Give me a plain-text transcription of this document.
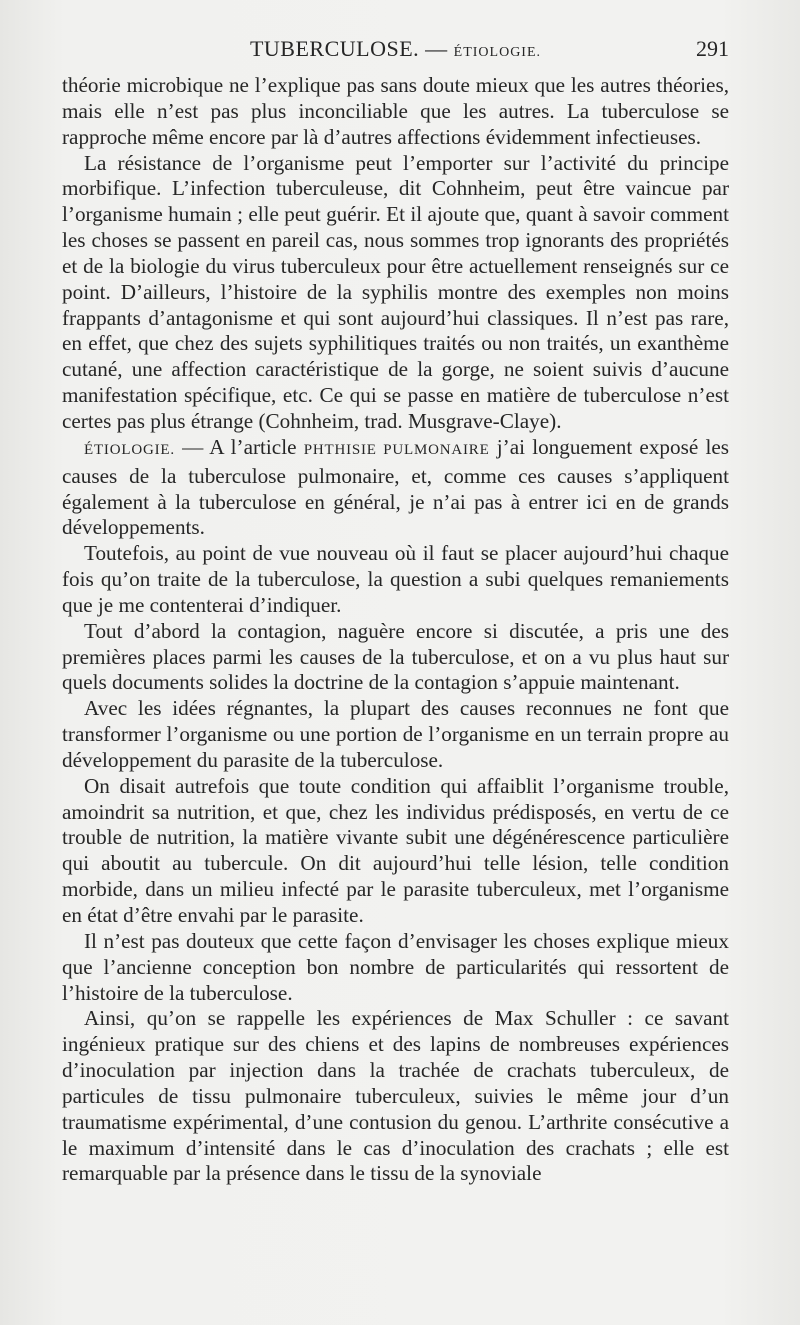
TUBERCULOSE. — ÉTIOLOGIE.	291

théorie microbique ne l’explique pas sans doute mieux que les autres théories, mais elle n’est pas plus inconciliable que les autres. La tuberculose se rapproche même encore par là d’autres affections évidemment infectieuses.

La résistance de l’organisme peut l’emporter sur l’activité du principe morbifique. L’infection tuberculeuse, dit Cohnheim, peut être vaincue par l’organisme humain ; elle peut guérir. Et il ajoute que, quant à savoir comment les choses se passent en pareil cas, nous sommes trop ignorants des propriétés et de la biologie du virus tuberculeux pour être actuellement renseignés sur ce point. D’ailleurs, l’histoire de la syphilis montre des exemples non moins frappants d’antagonisme et qui sont aujourd’hui classiques. Il n’est pas rare, en effet, que chez des sujets syphilitiques traités ou non traités, un exanthème cutané, une affection caractéristique de la gorge, ne soient suivis d’aucune manifestation spécifique, etc. Ce qui se passe en matière de tuberculose n’est certes pas plus étrange (Cohnheim, trad. Musgrave-Claye).

ÉTIOLOGIE. — A l’article PHTHISIE PULMONAIRE j’ai longuement exposé les causes de la tuberculose pulmonaire, et, comme ces causes s’appliquent également à la tuberculose en général, je n’ai pas à entrer ici en de grands développements.

Toutefois, au point de vue nouveau où il faut se placer aujourd’hui chaque fois qu’on traite de la tuberculose, la question a subi quelques remaniements que je me contenterai d’indiquer.

Tout d’abord la contagion, naguère encore si discutée, a pris une des premières places parmi les causes de la tuberculose, et on a vu plus haut sur quels documents solides la doctrine de la contagion s’appuie maintenant.

Avec les idées régnantes, la plupart des causes reconnues ne font que transformer l’organisme ou une portion de l’organisme en un terrain propre au développement du parasite de la tuberculose.

On disait autrefois que toute condition qui affaiblit l’organisme trouble, amoindrit sa nutrition, et que, chez les individus prédisposés, en vertu de ce trouble de nutrition, la matière vivante subit une dégénérescence particulière qui aboutit au tubercule. On dit aujourd’hui telle lésion, telle condition morbide, dans un milieu infecté par le parasite tuberculeux, met l’organisme en état d’être envahi par le parasite.

Il n’est pas douteux que cette façon d’envisager les choses explique mieux que l’ancienne conception bon nombre de particularités qui ressortent de l’histoire de la tuberculose.

Ainsi, qu’on se rappelle les expériences de Max Schuller : ce savant ingénieux pratique sur des chiens et des lapins de nombreuses expériences d’inoculation par injection dans la trachée de crachats tuberculeux, de particules de tissu pulmonaire tuberculeux, suivies le même jour d’un traumatisme expérimental, d’une contusion du genou. L’arthrite consécutive a le maximum d’intensité dans le cas d’inoculation des crachats ; elle est remarquable par la présence dans le tissu de la synoviale
